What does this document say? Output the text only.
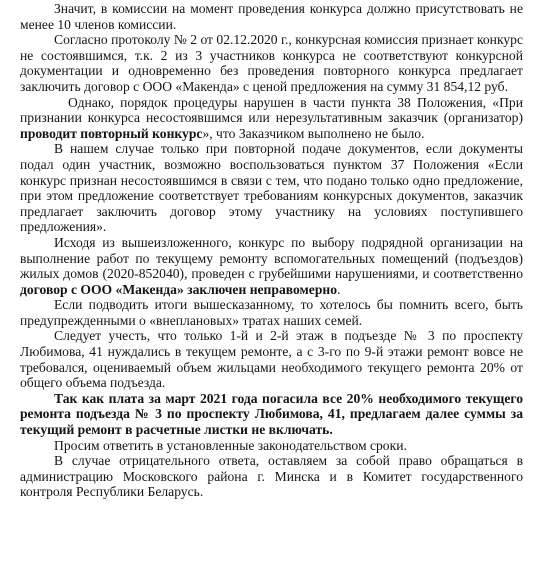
Значит, в комиссии на момент проведения конкурса должно присутствовать не менее 10 членов комиссии.

Согласно протоколу № 2 от 02.12.2020 г., конкурсная комиссия признает конкурс не состоявшимся, т.к. 2 из 3 участников конкурса не соответствуют конкурсной документации и одновременно без проведения повторного конкурса предлагает заключить договор с ООО «Макенда» с ценой предложения на сумму 31 854,12 руб.

Однако, порядок процедуры нарушен в части пункта 38 Положения, «При признании конкурса несостоявшимся или нерезультативным заказчик (организатор) проводит повторный конкурс», что Заказчиком выполнено не было.

В нашем случае только при повторной подаче документов, если документы подал один участник, возможно воспользоваться пунктом 37 Положения «Если конкурс признан несостоявшимся в связи с тем, что подано только одно предложение, при этом предложение соответствует требованиям конкурсных документов, заказчик предлагает заключить договор этому участнику на условиях поступившего предложения».

Исходя из вышеизложенного, конкурс по выбору подрядной организации на выполнение работ по текущему ремонту вспомогательных помещений (подъездов) жилых домов (2020-852040), проведен с грубейшими нарушениями, и соответственно договор с ООО «Макенда» заключен неправомерно.

Если подводить итоги вышесказанному, то хотелось бы помнить всего, быть предупрежденными о «внеплановых» тратах наших семей.

Следует учесть, что только 1-й и 2-й этаж в подъезде № 3 по проспекту Любимова, 41 нуждались в текущем ремонте, а с 3-го по 9-й этажи ремонт вовсе не требовался, оцениваемый объем жильцами необходимого текущего ремонта 20% от общего объема подъезда.

Так как плата за март 2021 года погасила все 20% необходимого текущего ремонта подъезда № 3 по проспекту Любимова, 41, предлагаем далее суммы за текущий ремонт в расчетные листки не включать.

Просим ответить в установленные законодательством сроки.

В случае отрицательного ответа, оставляем за собой право обращаться в администрацию Московского района г. Минска и в Комитет государственного контроля Республики Беларусь.
